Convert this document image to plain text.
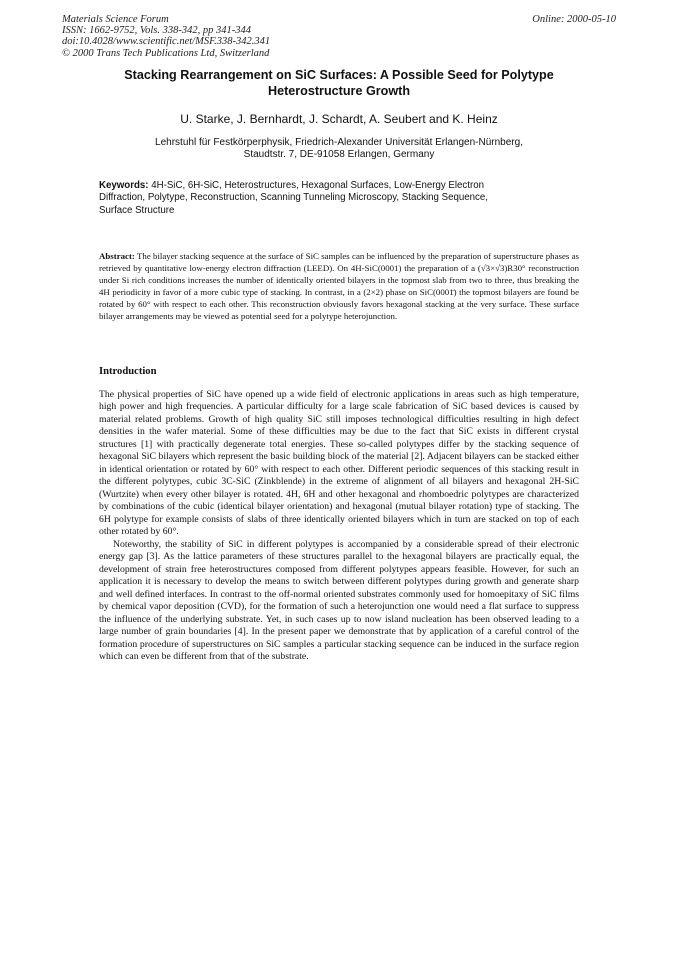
Materials Science Forum
ISSN: 1662-9752, Vols. 338-342, pp 341-344
doi:10.4028/www.scientific.net/MSF.338-342.341
© 2000 Trans Tech Publications Ltd, Switzerland
Online: 2000-05-10
Stacking Rearrangement on SiC Surfaces: A Possible Seed for Polytype Heterostructure Growth
U. Starke, J. Bernhardt, J. Schardt, A. Seubert and K. Heinz
Lehrstuhl für Festkörperphysik, Friedrich-Alexander Universität Erlangen-Nürnberg,
Staudtstr. 7, DE-91058 Erlangen, Germany
Keywords: 4H-SiC, 6H-SiC, Heterostructures, Hexagonal Surfaces, Low-Energy Electron Diffraction, Polytype, Reconstruction, Scanning Tunneling Microscopy, Stacking Sequence, Surface Structure
Abstract: The bilayer stacking sequence at the surface of SiC samples can be influenced by the preparation of superstructure phases as retrieved by quantitative low-energy electron diffraction (LEED). On 4H-SiC(0001) the preparation of a (√3×√3)R30° reconstruction under Si rich conditions increases the number of identically oriented bilayers in the topmost slab from two to three, thus breaking the 4H periodicity in favor of a more cubic type of stacking. In contrast, in a (2×2) phase on SiC(0001̄) the topmost bilayers are found be rotated by 60° with respect to each other. This reconstruction obviously favors hexagonal stacking at the very surface. These surface bilayer arrangements may be viewed as potential seed for a polytype heterojunction.
Introduction

The physical properties of SiC have opened up a wide field of electronic applications in areas such as high temperature, high power and high frequencies. A particular difficulty for a large scale fabrication of SiC based devices is caused by material related problems. Growth of high quality SiC still imposes technological difficulties resulting in high defect densities in the wafer material. Some of these difficulties may be due to the fact that SiC exists in different crystal structures [1] with practically degenerate total energies. These so-called polytypes differ by the stacking sequence of hexagonal SiC bilayers which represent the basic building block of the material [2]. Adjacent bilayers can be stacked either in identical orientation or rotated by 60° with respect to each other. Different periodic sequences of this stacking result in the different polytypes, cubic 3C-SiC (Zinkblende) in the extreme of alignment of all bilayers and hexagonal 2H-SiC (Wurtzite) when every other bilayer is rotated. 4H, 6H and other hexagonal and rhomboedric polytypes are characterized by combinations of the cubic (identical bilayer orientation) and hexagonal (mutual bilayer rotation) type of stacking. The 6H polytype for example consists of slabs of three identically oriented bilayers which in turn are stacked on top of each other rotated by 60°.

Noteworthy, the stability of SiC in different polytypes is accompanied by a considerable spread of their electronic energy gap [3]. As the lattice parameters of these structures parallel to the hexagonal bilayers are practically equal, the development of strain free heterostructures composed from different polytypes appears feasible. However, for such an application it is necessary to develop the means to switch between different polytypes during growth and generate sharp and well defined interfaces. In contrast to the off-normal oriented substrates commonly used for homoepitaxy of SiC films by chemical vapor deposition (CVD), for the formation of such a heterojunction one would need a flat surface to suppress the influence of the underlying substrate. Yet, in such cases up to now island nucleation has been observed leading to a large number of grain boundaries [4]. In the present paper we demonstrate that by application of a careful control of the formation procedure of superstructures on SiC samples a particular stacking sequence can be induced in the surface region which can even be different from that of the substrate.
